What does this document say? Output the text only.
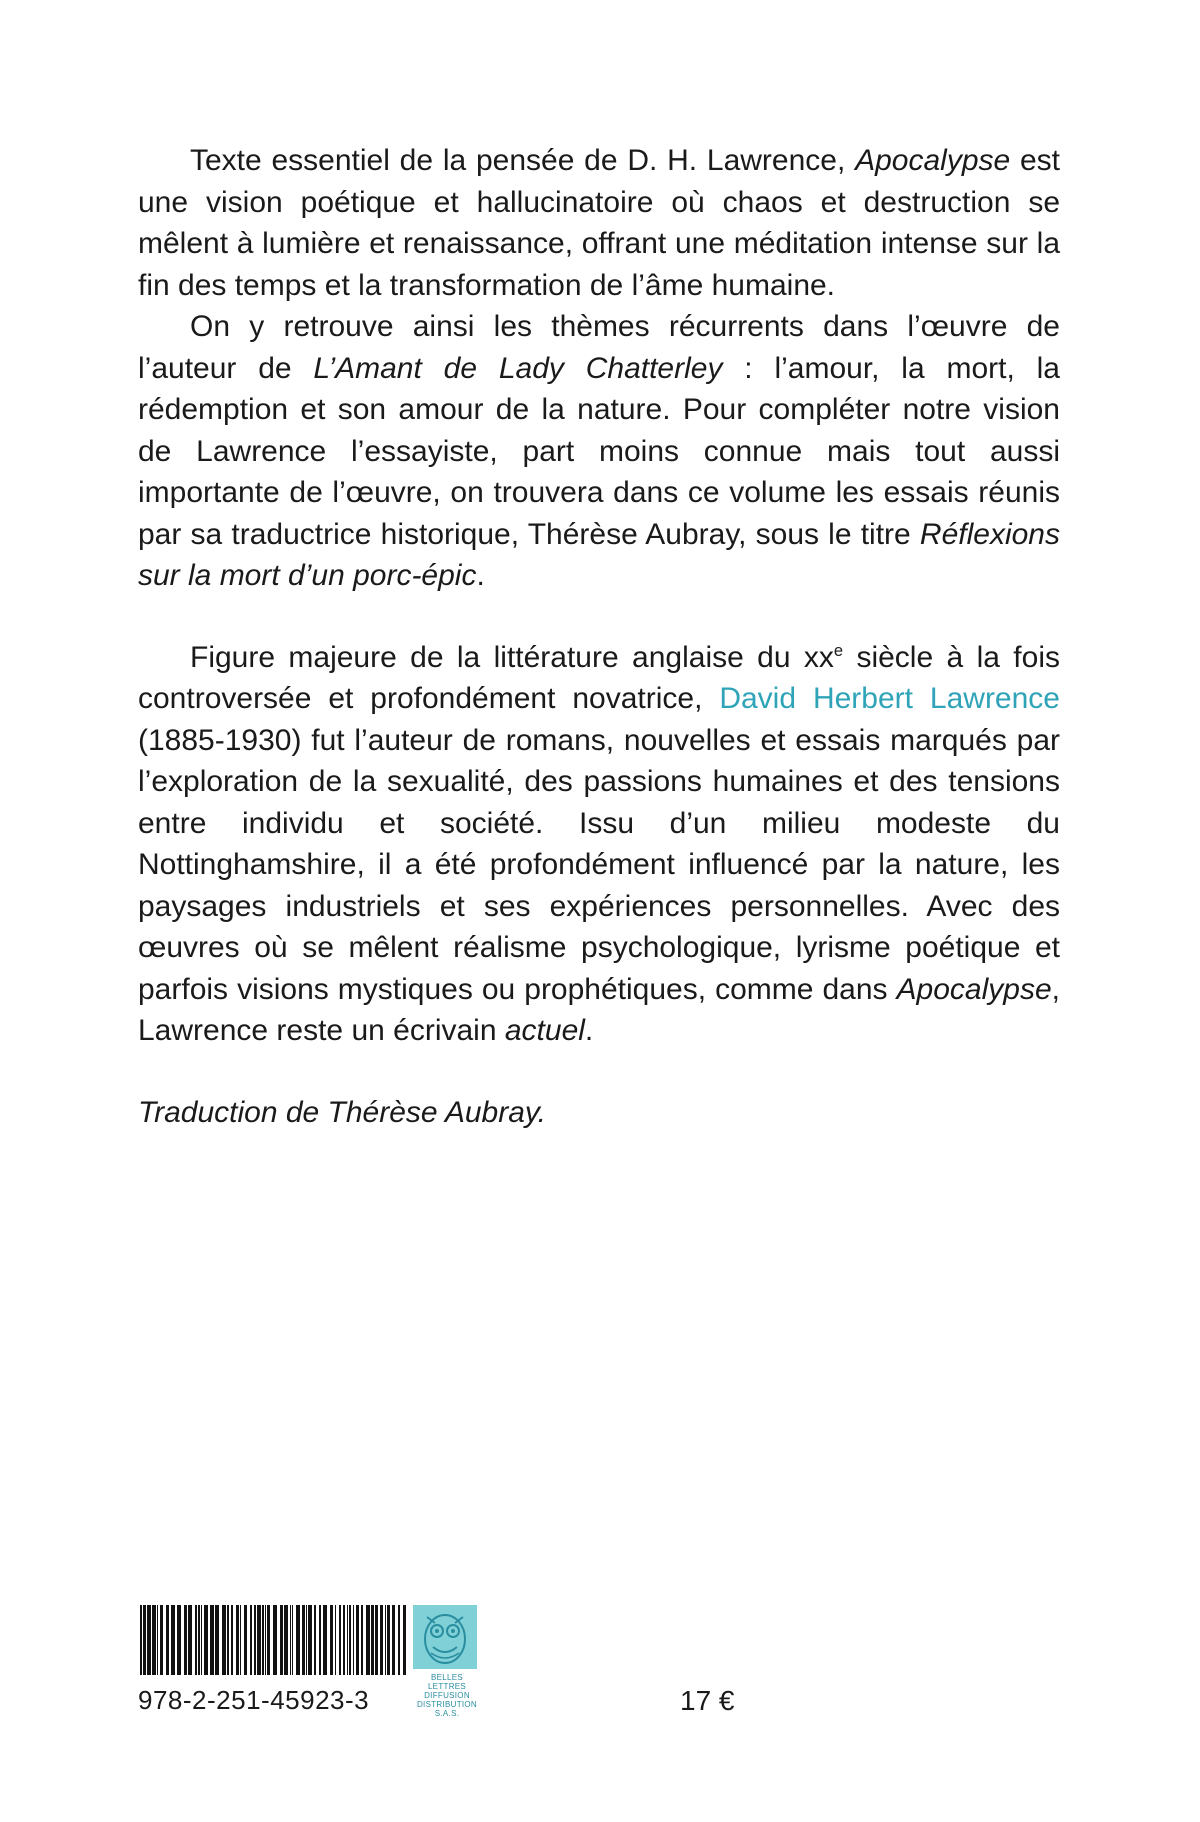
Texte essentiel de la pensée de D. H. Lawrence, Apocalypse est une vision poétique et hallucinatoire où chaos et destruction se mêlent à lumière et renaissance, offrant une méditation intense sur la fin des temps et la transformation de l’âme humaine.

On y retrouve ainsi les thèmes récurrents dans l’œuvre de l’auteur de L’Amant de Lady Chatterley : l’amour, la mort, la rédemption et son amour de la nature. Pour compléter notre vision de Lawrence l’essayiste, part moins connue mais tout aussi importante de l’œuvre, on trouvera dans ce volume les essais réunis par sa traductrice historique, Thérèse Aubray, sous le titre Réflexions sur la mort d’un porc-épic.

Figure majeure de la littérature anglaise du $xx^e$ siècle à la fois controversée et profondément novatrice, David Herbert Lawrence (1885-1930) fut l’auteur de romans, nouvelles et essais marqués par l’exploration de la sexualité, des passions humaines et des tensions entre individu et société. Issu d’un milieu modeste du Nottinghamshire, il a été profondément influencé par la nature, les paysages industriels et ses expériences personnelles. Avec des œuvres où se mêlent réalisme psychologique, lyrisme poétique et parfois visions mystiques ou prophétiques, comme dans Apocalypse, Lawrence reste un écrivain actuel.

Traduction de Thérèse Aubray.

978-2-251-45923-3
BELLES LETTRES
DIFFUSION
DISTRIBUTION
S.A.S.	17 €
